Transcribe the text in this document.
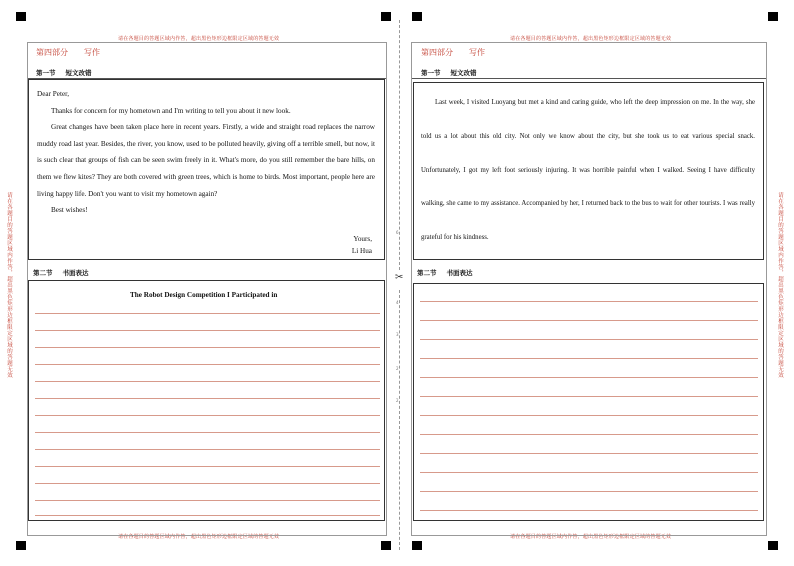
请在各题目的答题区域内作答，超出黑色矩形边框限定区域的答题无效	请在各题目的答题区域内作答，超出黑色矩形边框限定区域的答题无效
请在各题目的答题区域内作答，超出黑色矩形边框限定区域的答题无效	请在各题目的答题区域内作答，超出黑色矩形边框限定区域的答题无效
请在各题目的答题区域内作答，超出黑色矩形边框限定区域的答题无效	请在各题目的答题区域内作答，超出黑色矩形边框限定区域的答题无效
✂
6
4
3
2
2
第四部分 写作
第一节 短文改错

Dear Peter,

Thanks for concern for my hometown and I'm writing to tell you about it new look.

Great changes have been taken place here in recent years. Firstly, a wide and straight road replaces the narrow muddy road last year. Besides, the river, you know, used to be polluted heavily, giving off a terrible smell, but now, it is such clear that groups of fish can be seen swim freely in it. What's more, do you still remember the bare hills, on them we flew kites? They are both covered with green trees, which is home to birds. Most important, people here are living happy life. Don't you want to visit my hometown again?

Best wishes!

Yours,

Li Hua

第二节 书面表达
The Robot Design Competition I Participated in
第四部分 写作
第一节 短文改错
Last week, I visited Luoyang but met a kind and caring guide, who left the deep impression on me. In the way, she told us a lot about this old city. Not only we know about the city, but she took us to eat various special snack. Unfortunately, I got my left foot seriously injuring. It was horrible painful when I walked. Seeing I have difficulty walking, she came to my assistance. Accompanied by her, I returned back to the bus to wait for other tourists. I was really grateful for his kindness.
第二节 书面表达
